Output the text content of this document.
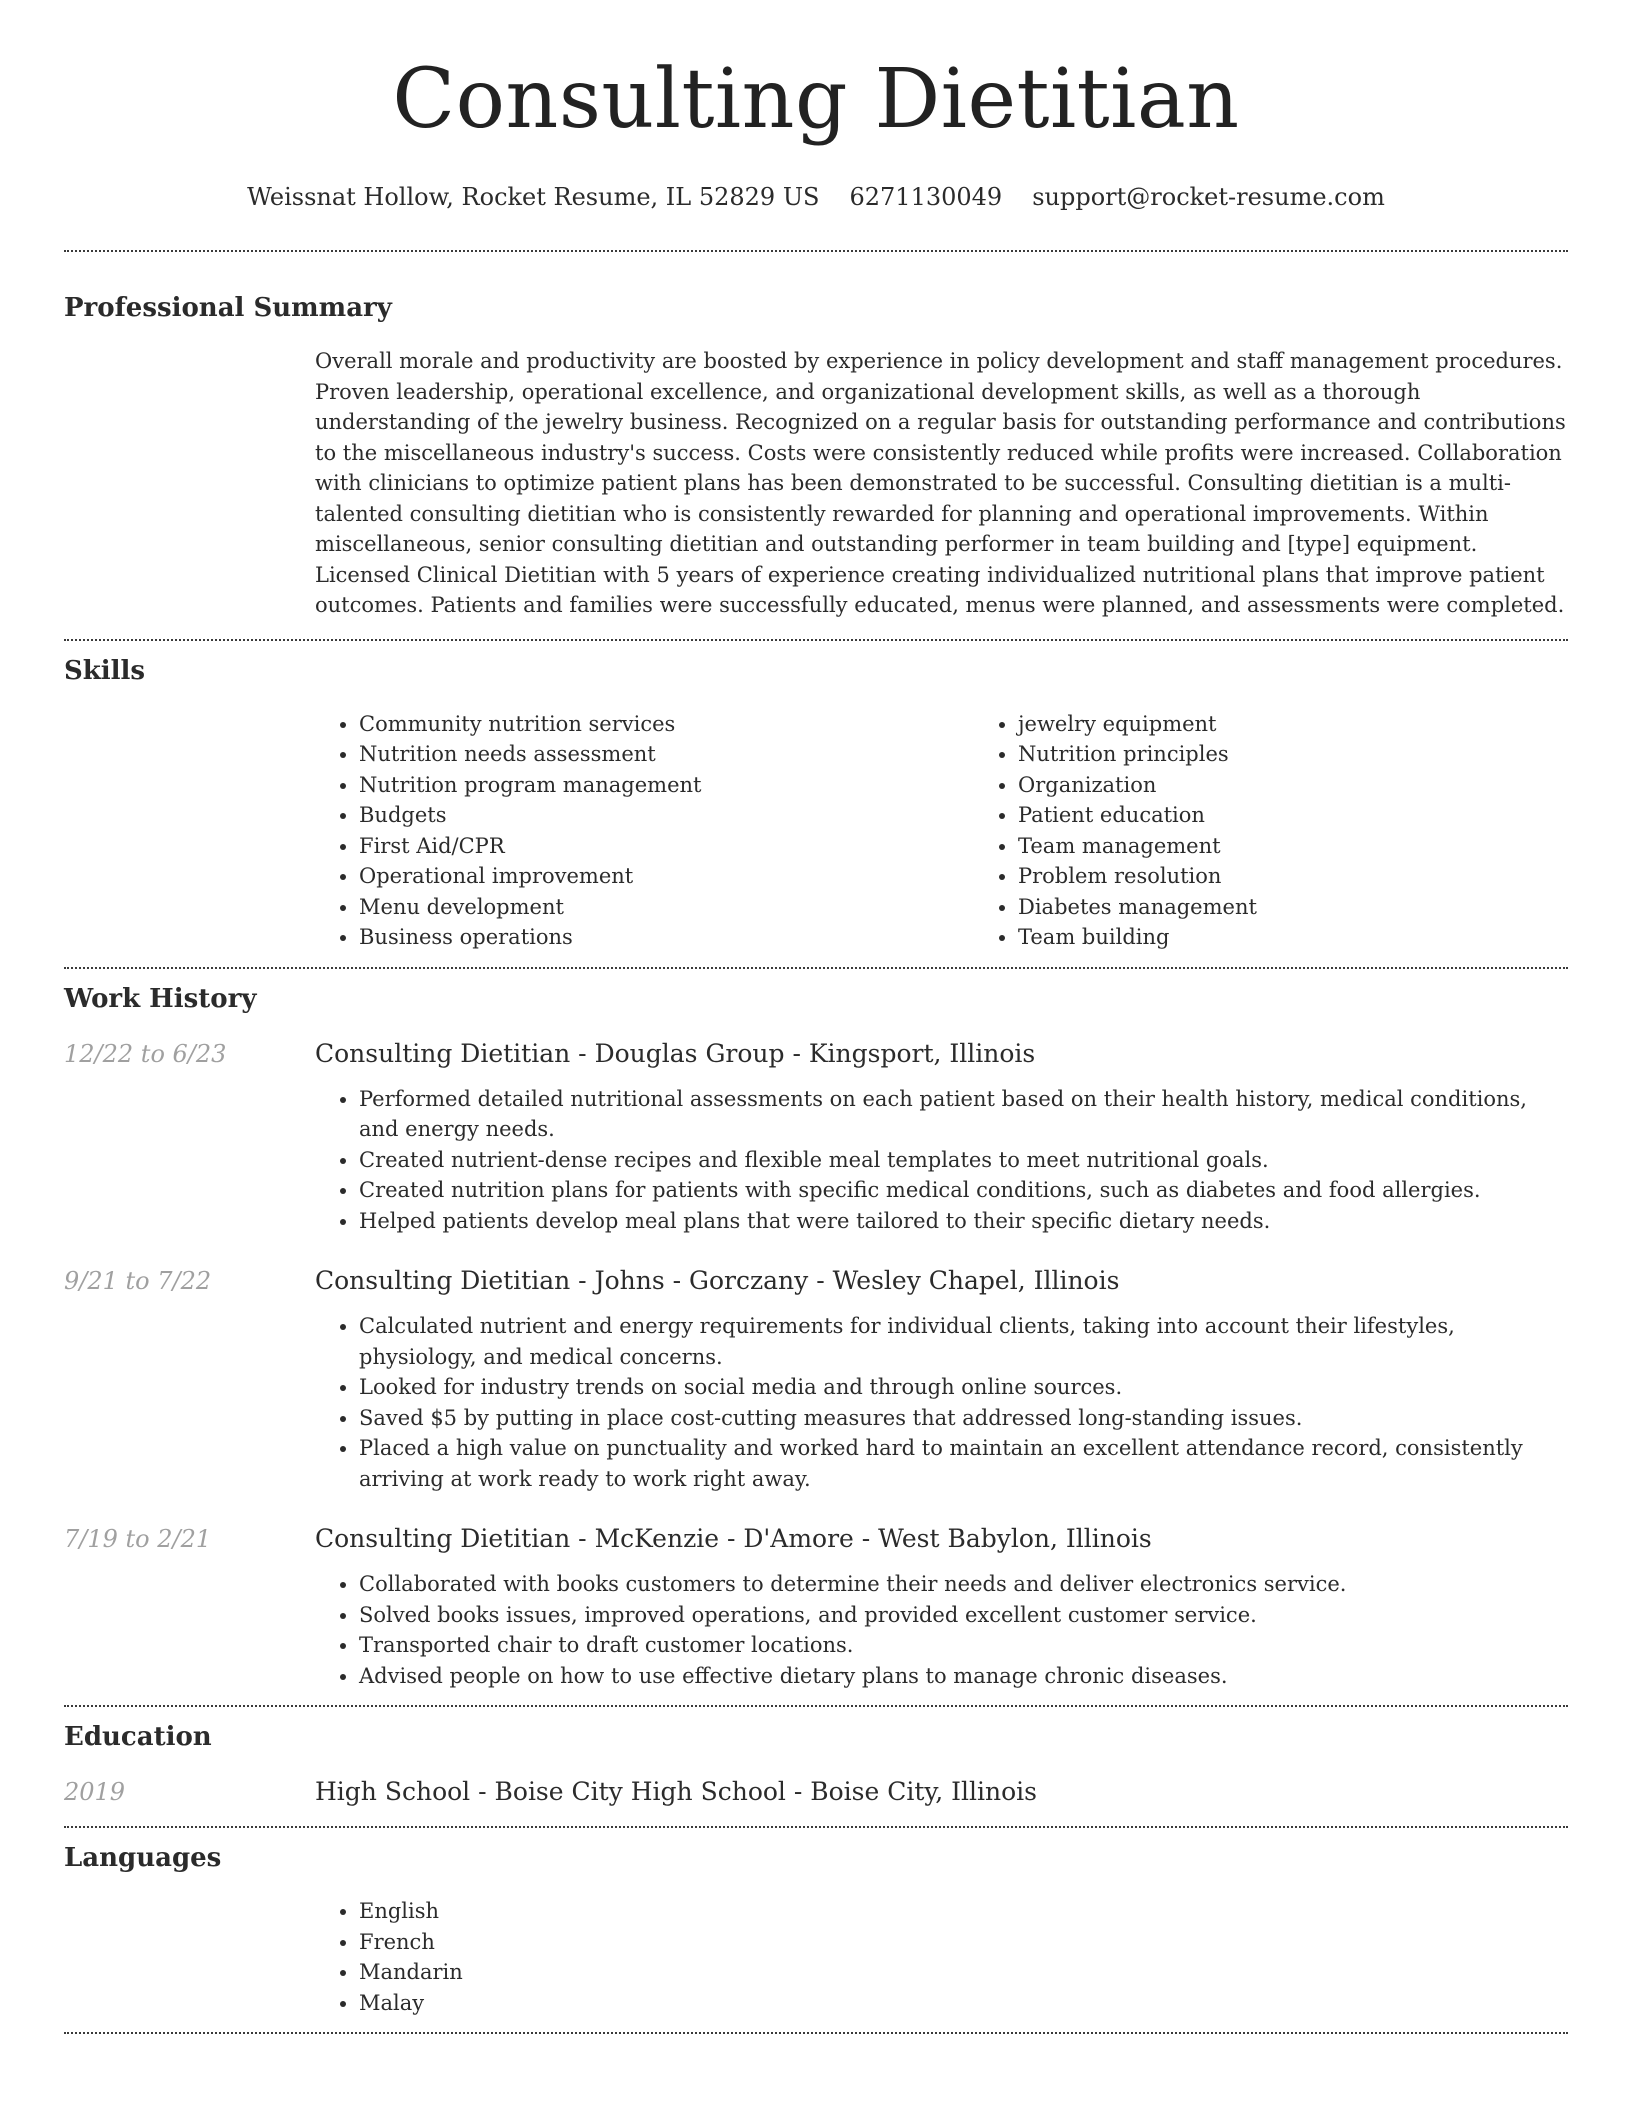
Consulting Dietitian
Weissnat Hollow, Rocket Resume, IL 52829 US 6271130049 support@rocket-resume.com
Professional Summary

Overall morale and productivity are boosted by experience in policy development and staff management procedures. Proven leadership, operational excellence, and organizational development skills, as well as a thorough understanding of the jewelry business. Recognized on a regular basis for outstanding performance and contributions to the miscellaneous industry's success. Costs were consistently reduced while profits were increased. Collaboration with clinicians to optimize patient plans has been demonstrated to be successful. Consulting dietitian is a multi-talented consulting dietitian who is consistently rewarded for planning and operational improvements. Within miscellaneous, senior consulting dietitian and outstanding performer in team building and [type] equipment. Licensed Clinical Dietitian with 5 years of experience creating individualized nutritional plans that improve patient outcomes. Patients and families were successfully educated, menus were planned, and assessments were completed.

Skills
• Community nutrition services
• Nutrition needs assessment
• Nutrition program management
• Budgets
• First Aid/CPR
• Operational improvement
• Menu development
• Business operations
• jewelry equipment
• Nutrition principles
• Organization
• Patient education
• Team management
• Problem resolution
• Diabetes management
• Team building
Work History
12/22 to 6/23	Consulting Dietitian - Douglas Group - Kingsport, Illinois
• Performed detailed nutritional assessments on each patient based on their health history, medical conditions, and energy needs.
• Created nutrient-dense recipes and flexible meal templates to meet nutritional goals.
• Created nutrition plans for patients with specific medical conditions, such as diabetes and food allergies.
• Helped patients develop meal plans that were tailored to their specific dietary needs.
9/21 to 7/22	Consulting Dietitian - Johns - Gorczany - Wesley Chapel, Illinois
• Calculated nutrient and energy requirements for individual clients, taking into account their lifestyles, physiology, and medical concerns.
• Looked for industry trends on social media and through online sources.
• Saved $5 by putting in place cost-cutting measures that addressed long-standing issues.
• Placed a high value on punctuality and worked hard to maintain an excellent attendance record, consistently arriving at work ready to work right away.
7/19 to 2/21	Consulting Dietitian - McKenzie - D'Amore - West Babylon, Illinois
• Collaborated with books customers to determine their needs and deliver electronics service.
• Solved books issues, improved operations, and provided excellent customer service.
• Transported chair to draft customer locations.
• Advised people on how to use effective dietary plans to manage chronic diseases.
Education
2019	High School - Boise City High School - Boise City, Illinois
Languages
• English
• French
• Mandarin
• Malay
